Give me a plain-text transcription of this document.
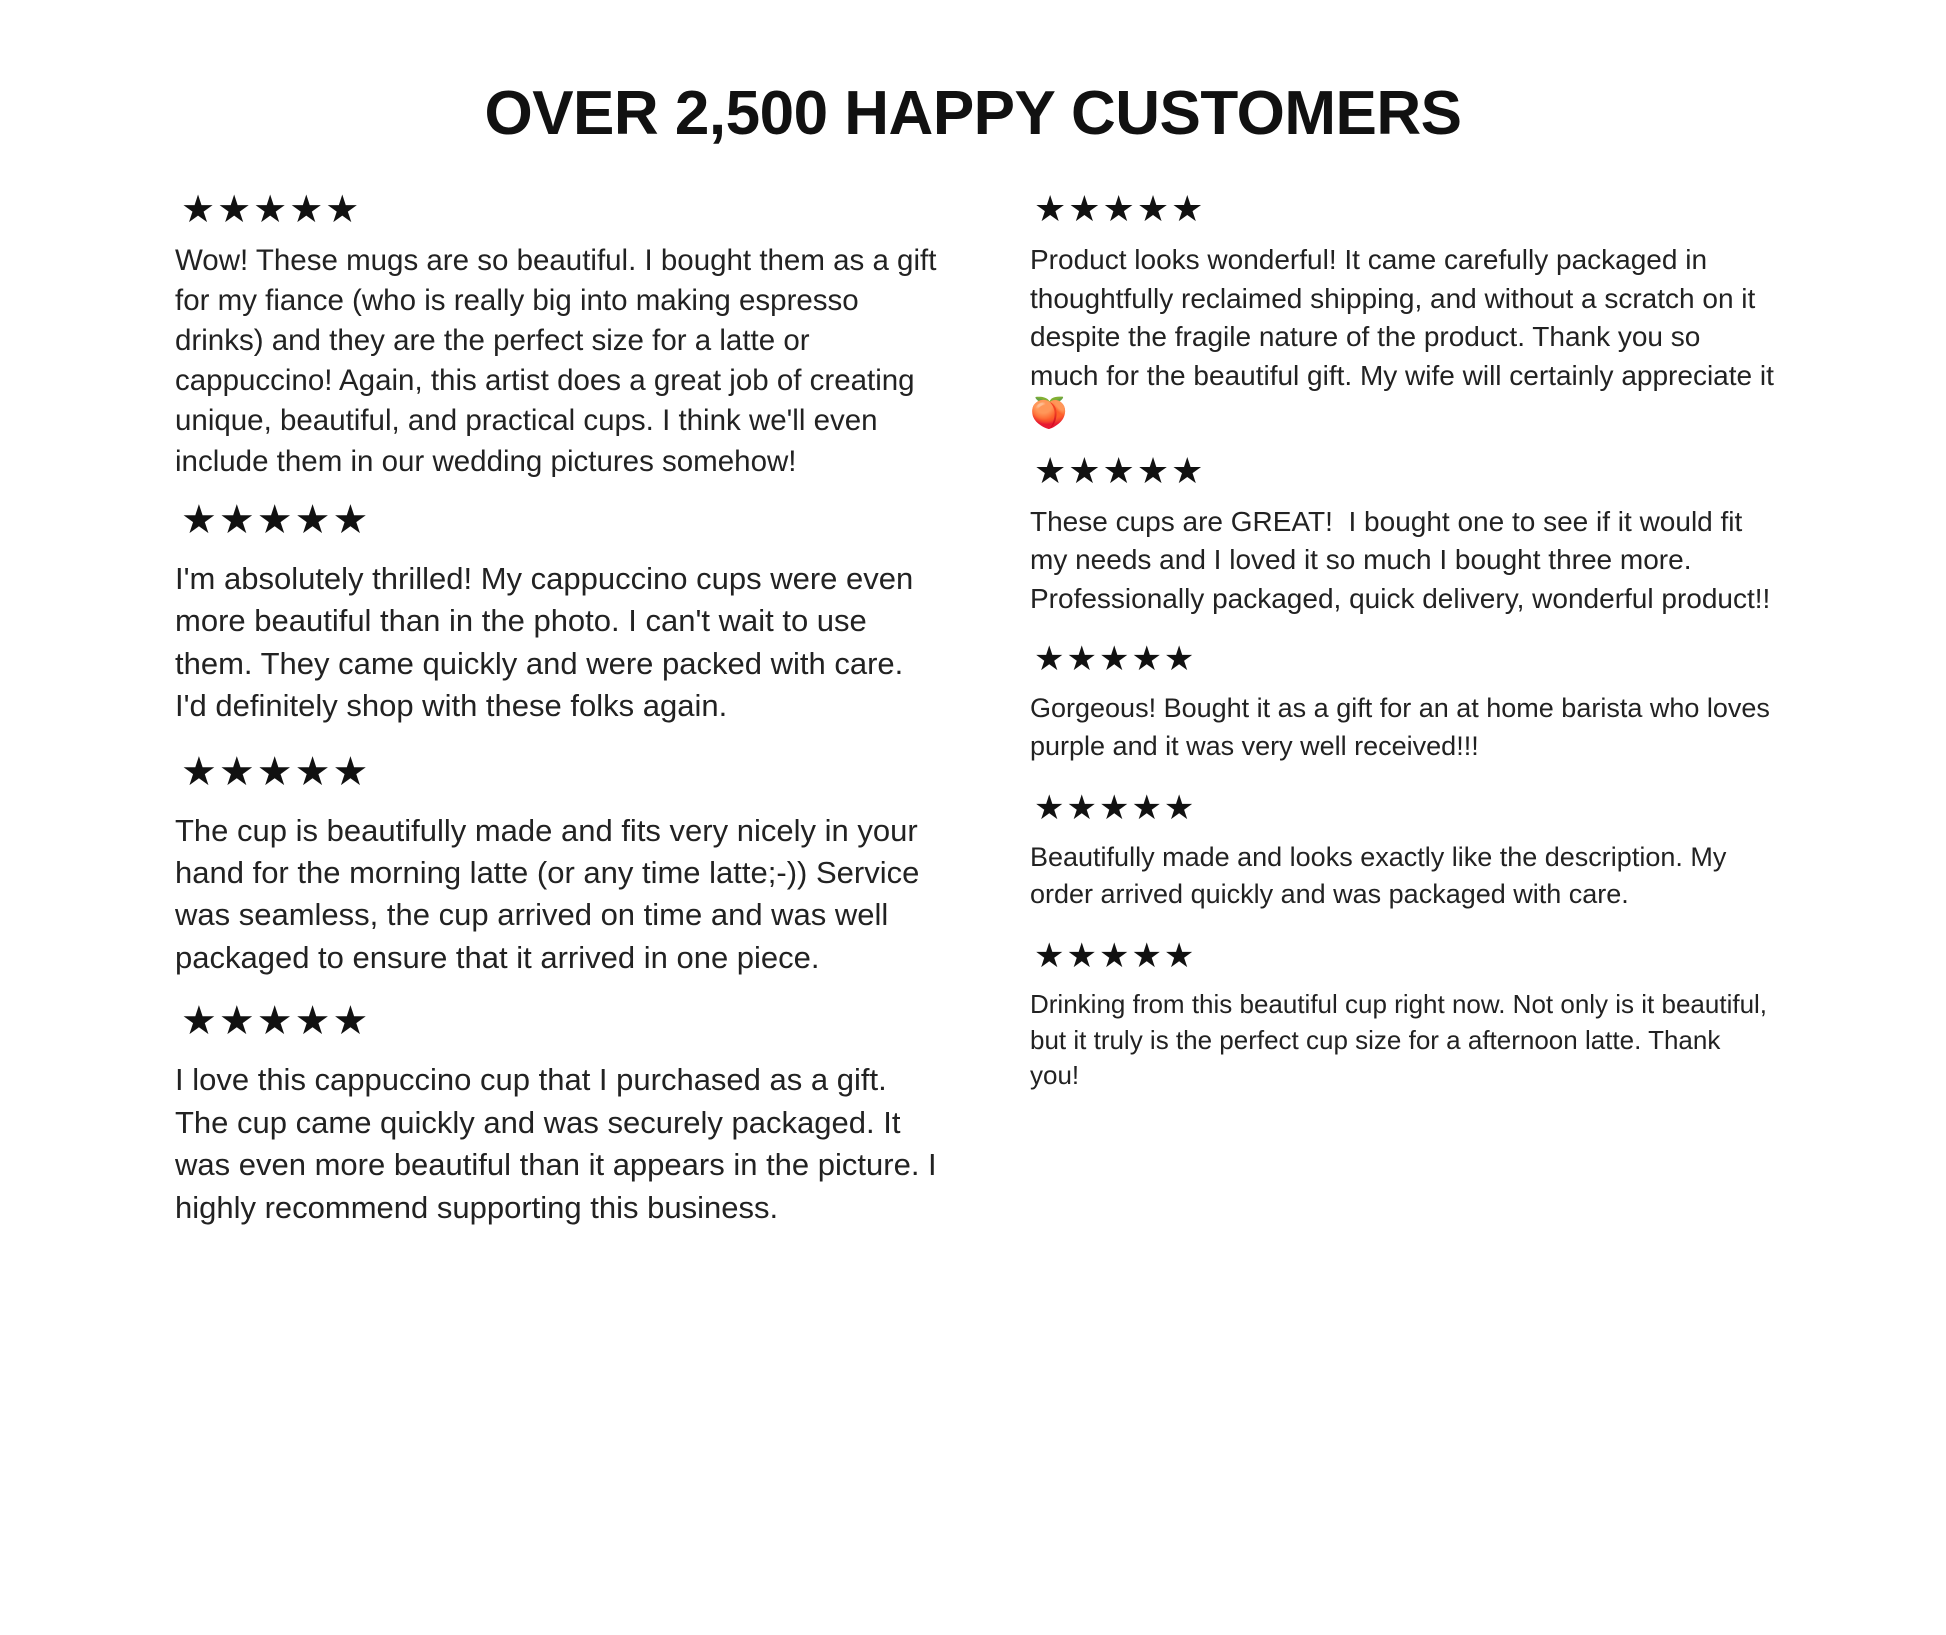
OVER 2,500 HAPPY CUSTOMERS
★★★★★
Wow! These mugs are so beautiful. I bought them as a gift for my fiance (who is really big into making espresso drinks) and they are the perfect size for a latte or cappuccino! Again, this artist does a great job of creating unique, beautiful, and practical cups. I think we'll even include them in our wedding pictures somehow!
★★★★★
I'm absolutely thrilled! My cappuccino cups were even more beautiful than in the photo. I can't wait to use them. They came quickly and were packed with care. I'd definitely shop with these folks again.
★★★★★
The cup is beautifully made and fits very nicely in your hand for the morning latte (or any time latte;-)) Service was seamless, the cup arrived on time and was well packaged to ensure that it arrived in one piece.
★★★★★
I love this cappuccino cup that I purchased as a gift. The cup came quickly and was securely packaged. It was even more beautiful than it appears in the picture. I highly recommend supporting this business.
★★★★★
Product looks wonderful! It came carefully packaged in thoughtfully reclaimed shipping, and without a scratch on it despite the fragile nature of the product. Thank you so much for the beautiful gift. My wife will certainly appreciate it
🍑
★★★★★
These cups are GREAT!  I bought one to see if it would fit my needs and I loved it so much I bought three more.  Professionally packaged, quick delivery, wonderful product!!
★★★★★
Gorgeous! Bought it as a gift for an at home barista who loves purple and it was very well received!!!
★★★★★
Beautifully made and looks exactly like the description. My order arrived quickly and was packaged with care.
★★★★★
Drinking from this beautiful cup right now. Not only is it beautiful, but it truly is the perfect cup size for a afternoon latte. Thank you!
